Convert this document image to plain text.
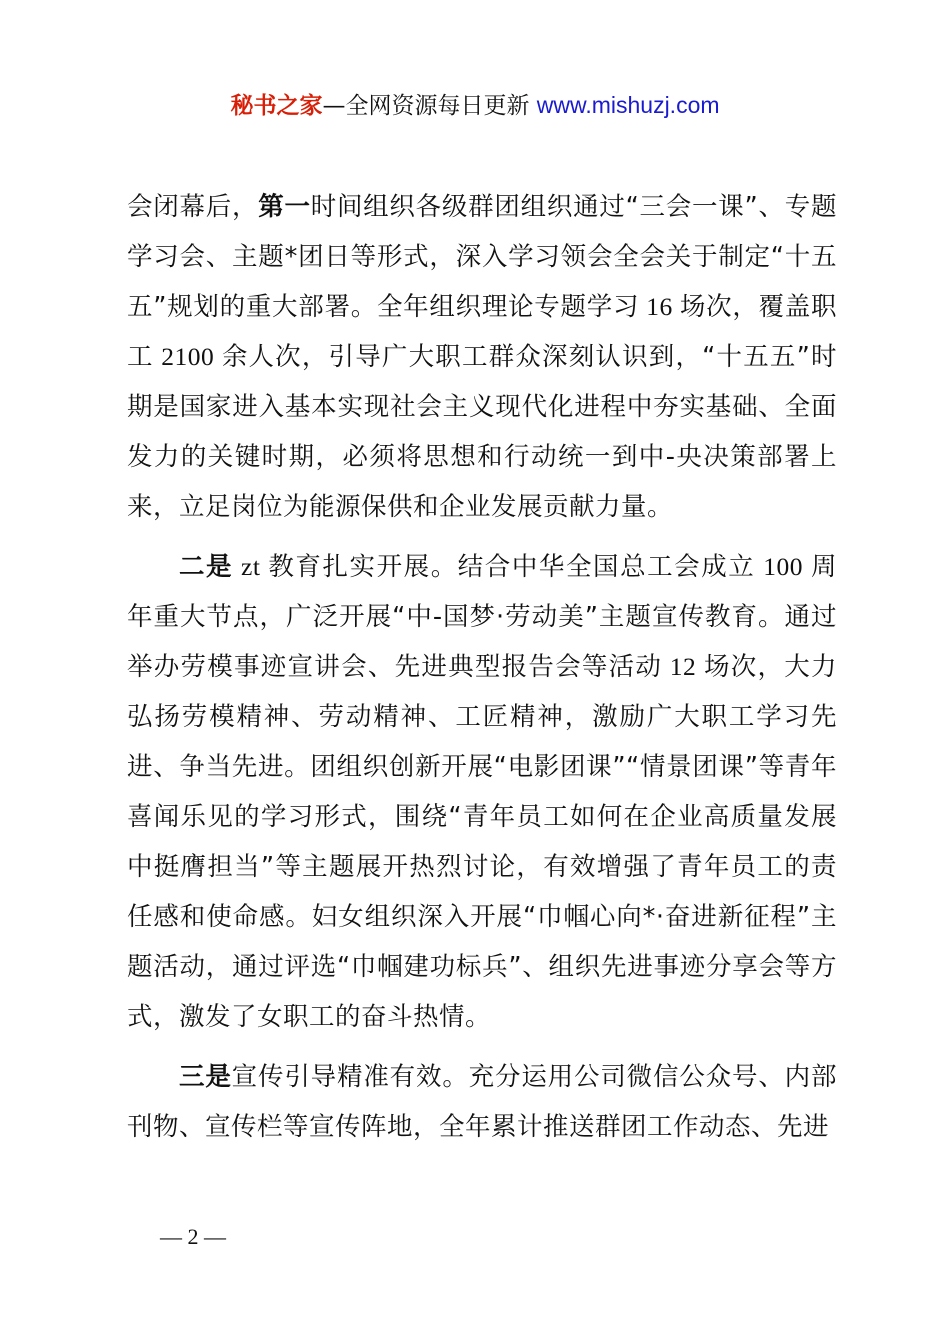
秘书之家—全网资源每日更新 www.mishuzj.com

会闭幕后，第一时间组织各级群团组织通过“三会一课”、专题学习会、主题*团日等形式，深入学习领会全会关于制定“十五五”规划的重大部署。全年组织理论专题学习 16 场次，覆盖职工 2100 余人次，引导广大职工群众深刻认识到，“十五五”时期是国家进入基本实现社会主义现代化进程中夯实基础、全面发力的关键时期，必须将思想和行动统一到中-央决策部署上来，立足岗位为能源保供和企业发展贡献力量。

二是 zt 教育扎实开展。结合中华全国总工会成立 100 周年重大节点，广泛开展“中-国梦·劳动美”主题宣传教育。通过举办劳模事迹宣讲会、先进典型报告会等活动 12 场次，大力弘扬劳模精神、劳动精神、工匠精神，激励广大职工学习先进、争当先进。团组织创新开展“电影团课”“情景团课”等青年喜闻乐见的学习形式，围绕“青年员工如何在企业高质量发展中挺膺担当”等主题展开热烈讨论，有效增强了青年员工的责任感和使命感。妇女组织深入开展“巾帼心向*·奋进新征程”主题活动，通过评选“巾帼建功标兵”、组织先进事迹分享会等方式，激发了女职工的奋斗热情。

三是宣传引导精准有效。充分运用公司微信公众号、内部刊物、宣传栏等宣传阵地，全年累计推送群团工作动态、先进

— 2 —
